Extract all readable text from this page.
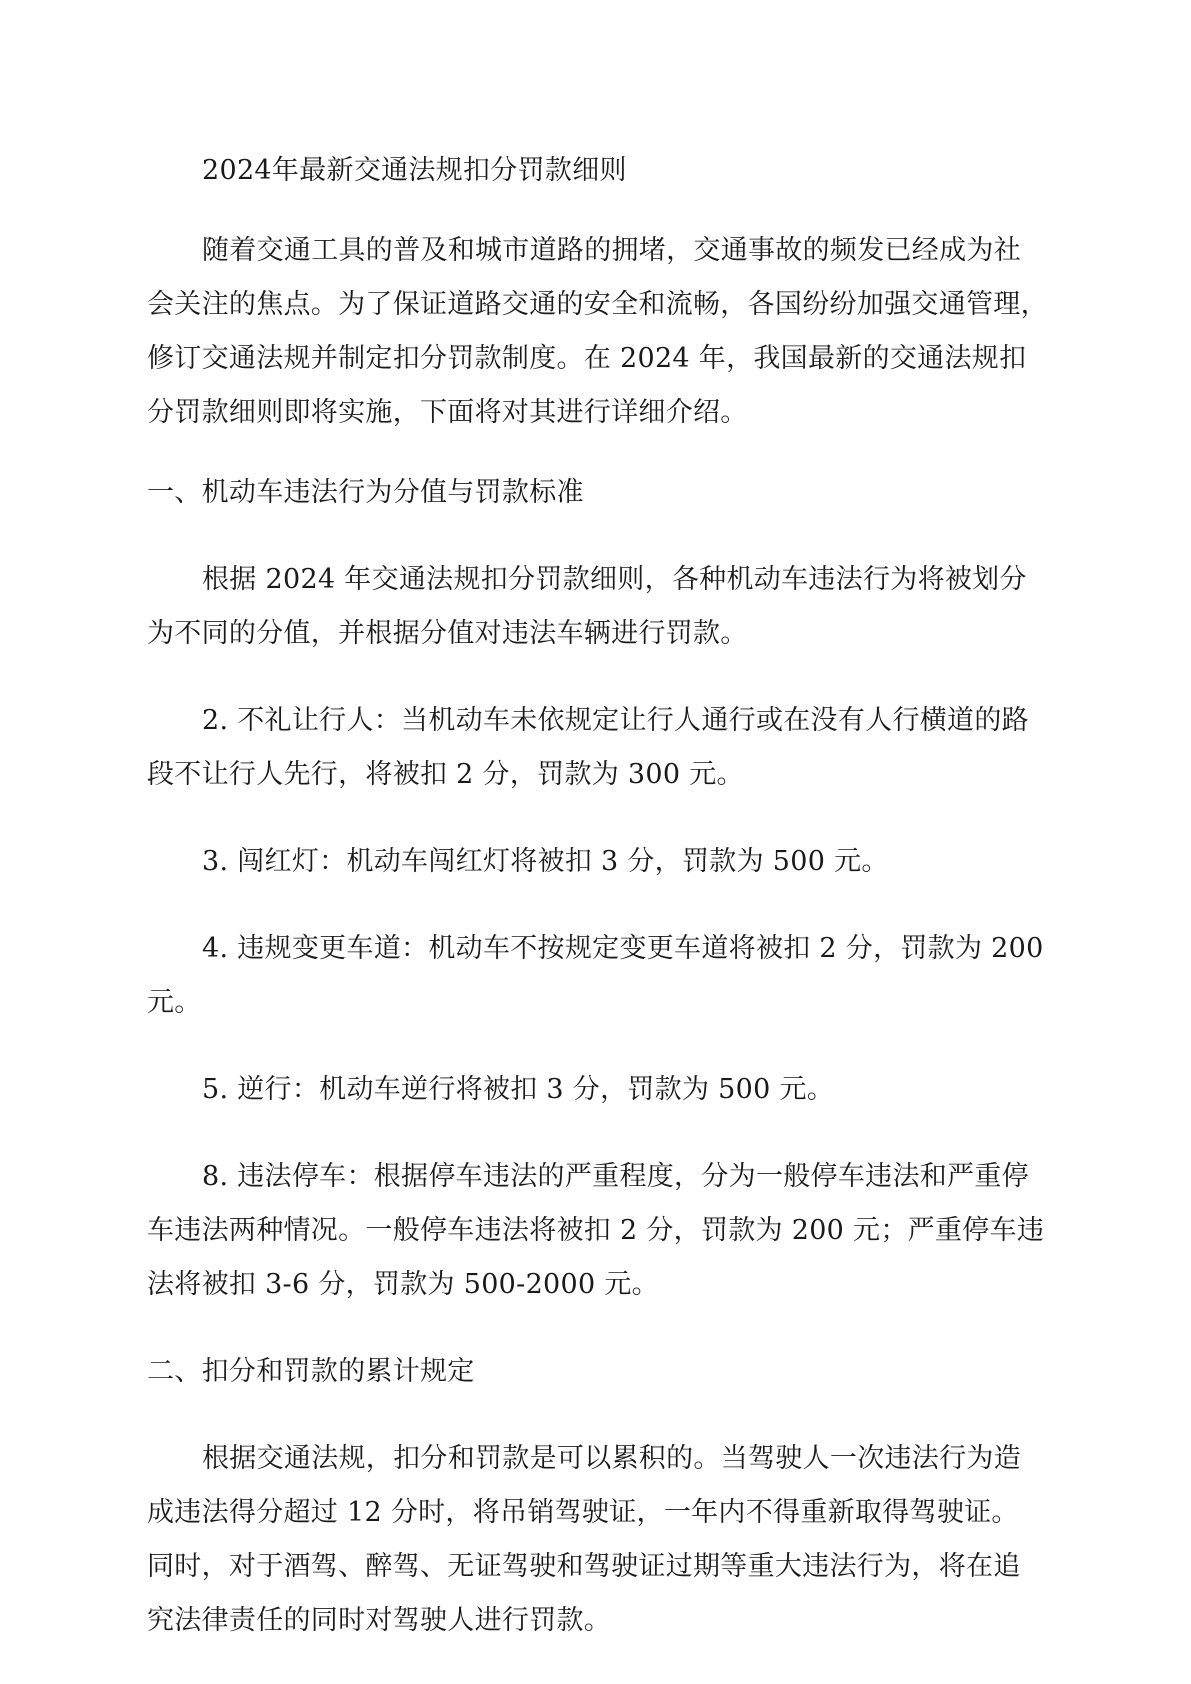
2024年最新交通法规扣分罚款细则
随着交通工具的普及和城市道路的拥堵，交通事故的频发已经成为社
会关注的焦点。为了保证道路交通的安全和流畅，各国纷纷加强交通管理，
修订交通法规并制定扣分罚款制度。在 2024 年，我国最新的交通法规扣
分罚款细则即将实施，下面将对其进行详细介绍。
一、机动车违法行为分值与罚款标准
根据 2024 年交通法规扣分罚款细则，各种机动车违法行为将被划分
为不同的分值，并根据分值对违法车辆进行罚款。
2. 不礼让行人：当机动车未依规定让行人通行或在没有人行横道的路
段不让行人先行，将被扣 2 分，罚款为 300 元。
3. 闯红灯：机动车闯红灯将被扣 3 分，罚款为 500 元。
4. 违规变更车道：机动车不按规定变更车道将被扣 2 分，罚款为 200
元。
5. 逆行：机动车逆行将被扣 3 分，罚款为 500 元。
8. 违法停车：根据停车违法的严重程度，分为一般停车违法和严重停
车违法两种情况。一般停车违法将被扣 2 分，罚款为 200 元；严重停车违
法将被扣 3-6 分，罚款为 500-2000 元。
二、扣分和罚款的累计规定
根据交通法规，扣分和罚款是可以累积的。当驾驶人一次违法行为造
成违法得分超过 12 分时，将吊销驾驶证，一年内不得重新取得驾驶证。
同时，对于酒驾、醉驾、无证驾驶和驾驶证过期等重大违法行为，将在追
究法律责任的同时对驾驶人进行罚款。
